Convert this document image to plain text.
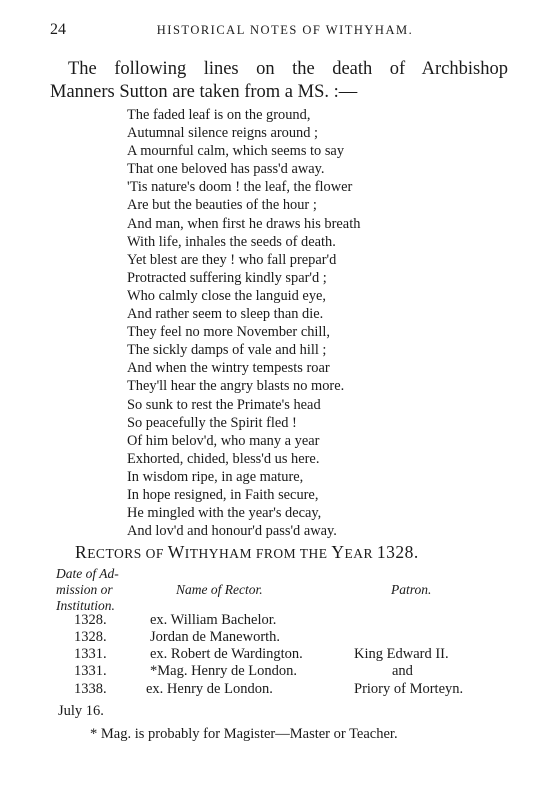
24	HISTORICAL NOTES OF WITHYHAM.
The following lines on the death of Archbishop
Manners Sutton are taken from a MS. :—
The faded leaf is on the ground,
Autumnal silence reigns around ;
A mournful calm, which seems to say
That one beloved has pass'd away.
'Tis nature's doom ! the leaf, the flower
Are but the beauties of the hour ;
And man, when first he draws his breath
With life, inhales the seeds of death.
Yet blest are they ! who fall prepar'd
Protracted suffering kindly spar'd ;
Who calmly close the languid eye,
And rather seem to sleep than die.
They feel no more November chill,
The sickly damps of vale and hill ;
And when the wintry tempests roar
They'll hear the angry blasts no more.
So sunk to rest the Primate's head
So peacefully the Spirit fled !
Of him belov'd, who many a year
Exhorted, chided, bless'd us here.
In wisdom ripe, in age mature,
In hope resigned, in Faith secure,
He mingled with the year's decay,
And lov'd and honour'd pass'd away.
RECTORS OF WITHYHAM FROM THE YEAR 1328.
Date of Ad-
mission or
Institution.
Name of Rector.	Patron.
1328.	ex. William Bachelor.
1328.	Jordan de Maneworth.
1331.	ex. Robert de Wardington.	King Edward II.
1331.	*Mag. Henry de London.	and
1338.	ex. Henry de London.	Priory of Morteyn.
July 16.
* Mag. is probably for Magister—Master or Teacher.
